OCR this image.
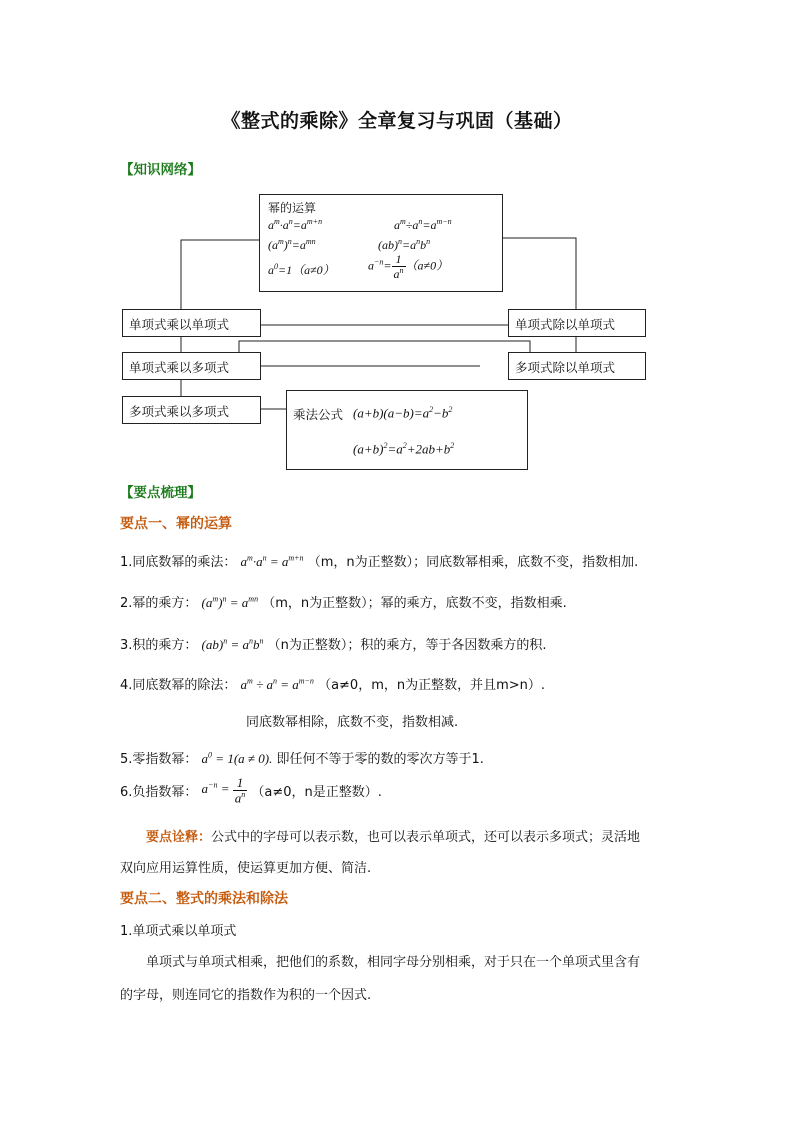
《整式的乘除》全章复习与巩固（基础）
【知识网络】
幂的运算
$a^m\cdot a^n=a^{m+n}$	$a^m\div a^n=a^{m-n}$
$(a^m)^n=a^{mn}$	$(ab)^n=a^nb^n$
$a^0=1(a\ne 0)$	$a^{-n}= \frac{1}{a^n} (a\ne 0)$
单项式乘以单项式	单项式除以单项式
单项式乘以多项式	多项式除以单项式
多项式乘以多项式	乘法公式 $(a+b)(a-b)=a^2-b^2$
$(a+b)^2=a^2+2ab+b^2$
【要点梳理】
要点一、幂的运算
1.同底数幂的乘法： $a^m\cdot a^n = a^{m+n}$ （m，n为正整数）；同底数幂相乘，底数不变，指数相加.
2.幂的乘方： $(a^m)^n = a^{mn}$ （m，n为正整数）；幂的乘方，底数不变，指数相乘.
3.积的乘方： $(ab)^n = a^nb^n$ （n为正整数）；积的乘方，等于各因数乘方的积.
4.同底数幂的除法： $a^m \div a^n = a^{m-n}$ （a≠0，m，n为正整数，并且m>n）.
同底数幂相除，底数不变，指数相减.
5.零指数幂： $a^0 = 1(a \ne 0)$. 即任何不等于零的数的零次方等于1.
6.负指数幂： $a^{-n} = \frac{1}{a^n} (a\ne 0$，n是正整数）.
要点诠释：公式中的字母可以表示数，也可以表示单项式，还可以表示多项式；灵活地
双向应用运算性质，使运算更加方便、简洁.
要点二、整式的乘法和除法
1.单项式乘以单项式
单项式与单项式相乘，把他们的系数，相同字母分别相乘，对于只在一个单项式里含有
的字母，则连同它的指数作为积的一个因式.
